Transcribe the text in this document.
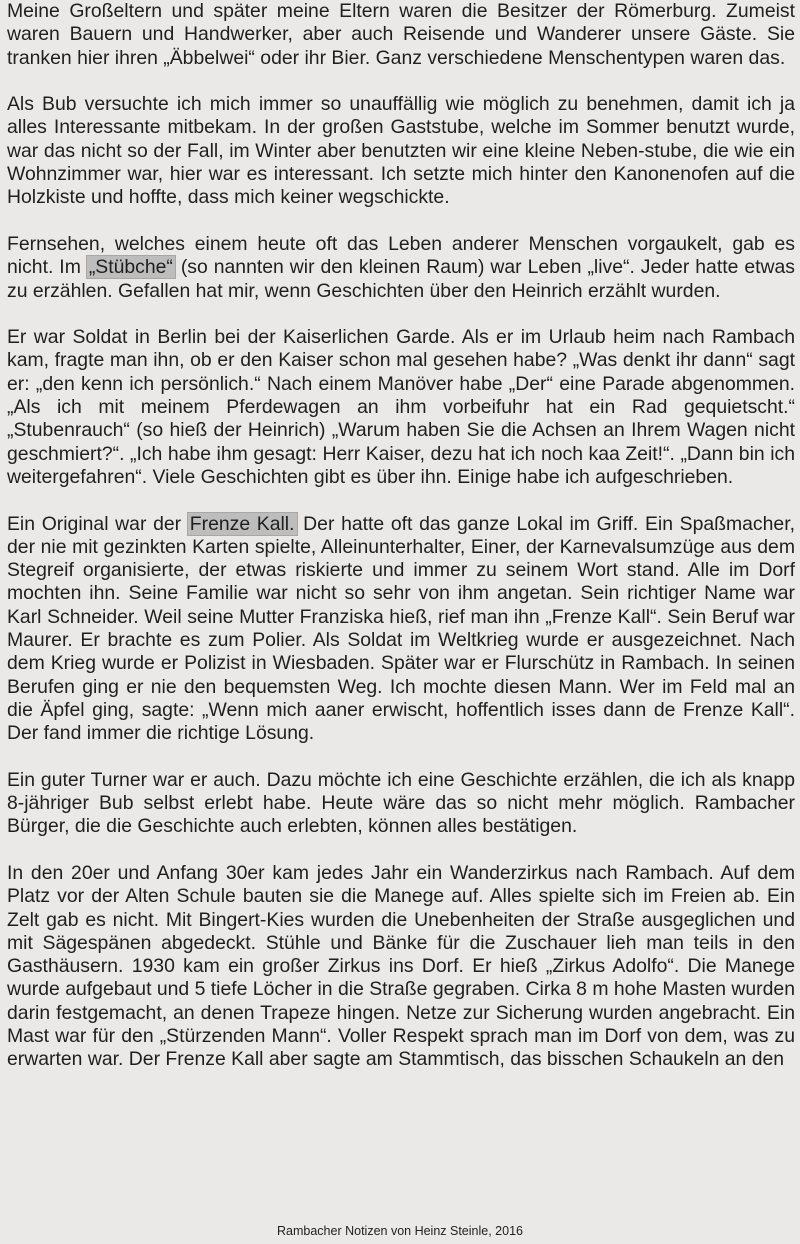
Meine Großeltern und später meine Eltern waren die Besitzer der Römerburg. Zumeist waren Bauern und Handwerker, aber auch Reisende und Wanderer unsere Gäste. Sie tranken hier ihren „Äbbelwei“ oder ihr Bier. Ganz verschiedene Menschentypen waren das.

Als Bub versuchte ich mich immer so unauffällig wie möglich zu benehmen, damit ich ja alles Interessante mitbekam. In der großen Gaststube, welche im Sommer benutzt wurde, war das nicht so der Fall, im Winter aber benutzten wir eine kleine Neben-stube, die wie ein Wohnzimmer war, hier war es interessant. Ich setzte mich hinter den Kanonenofen auf die Holzkiste und hoffte, dass mich keiner wegschickte.

Fernsehen, welches einem heute oft das Leben anderer Menschen vorgaukelt, gab es nicht. Im „Stübche“ (so nannten wir den kleinen Raum) war Leben „live“. Jeder hatte etwas zu erzählen. Gefallen hat mir, wenn Geschichten über den Heinrich erzählt wurden.

Er war Soldat in Berlin bei der Kaiserlichen Garde. Als er im Urlaub heim nach Rambach kam, fragte man ihn, ob er den Kaiser schon mal gesehen habe? „Was denkt ihr dann“ sagt er: „den kenn ich persönlich.“ Nach einem Manöver habe „Der“ eine Parade abgenommen. „Als ich mit meinem Pferdewagen an ihm vorbeifuhr hat ein Rad gequietscht.“ „Stubenrauch“ (so hieß der Heinrich) „Warum haben Sie die Achsen an Ihrem Wagen nicht geschmiert?“. „Ich habe ihm gesagt: Herr Kaiser, dezu hat ich noch kaa Zeit!“. „Dann bin ich weitergefahren“. Viele Geschichten gibt es über ihn. Einige habe ich aufgeschrieben.

Ein Original war der Frenze Kall. Der hatte oft das ganze Lokal im Griff. Ein Spaßmacher, der nie mit gezinkten Karten spielte, Alleinunterhalter, Einer, der Karnevalsumzüge aus dem Stegreif organisierte, der etwas riskierte und immer zu seinem Wort stand. Alle im Dorf mochten ihn. Seine Familie war nicht so sehr von ihm angetan. Sein richtiger Name war Karl Schneider. Weil seine Mutter Franziska hieß, rief man ihn „Frenze Kall“. Sein Beruf war Maurer. Er brachte es zum Polier. Als Soldat im Weltkrieg wurde er ausgezeichnet. Nach dem Krieg wurde er Polizist in Wiesbaden. Später war er Flurschütz in Rambach. In seinen Berufen ging er nie den bequemsten Weg. Ich mochte diesen Mann. Wer im Feld mal an die Äpfel ging, sagte: „Wenn mich aaner erwischt, hoffentlich isses dann de Frenze Kall“. Der fand immer die richtige Lösung.

Ein guter Turner war er auch. Dazu möchte ich eine Geschichte erzählen, die ich als knapp 8-jähriger Bub selbst erlebt habe. Heute wäre das so nicht mehr möglich. Rambacher Bürger, die die Geschichte auch erlebten, können alles bestätigen.

In den 20er und Anfang 30er kam jedes Jahr ein Wanderzirkus nach Rambach. Auf dem Platz vor der Alten Schule bauten sie die Manege auf. Alles spielte sich im Freien ab. Ein Zelt gab es nicht. Mit Bingert-Kies wurden die Unebenheiten der Straße ausgeglichen und mit Sägespänen abgedeckt. Stühle und Bänke für die Zuschauer lieh man teils in den Gasthäusern. 1930 kam ein großer Zirkus ins Dorf. Er hieß „Zirkus Adolfo“. Die Manege wurde aufgebaut und 5 tiefe Löcher in die Straße gegraben. Cirka 8 m hohe Masten wurden darin festgemacht, an denen Trapeze hingen. Netze zur Sicherung wurden angebracht. Ein Mast war für den „Stürzenden Mann“. Voller Respekt sprach man im Dorf von dem, was zu erwarten war. Der Frenze Kall aber sagte am Stammtisch, das bisschen Schaukeln an den

Rambacher Notizen von Heinz Steinle, 2016
